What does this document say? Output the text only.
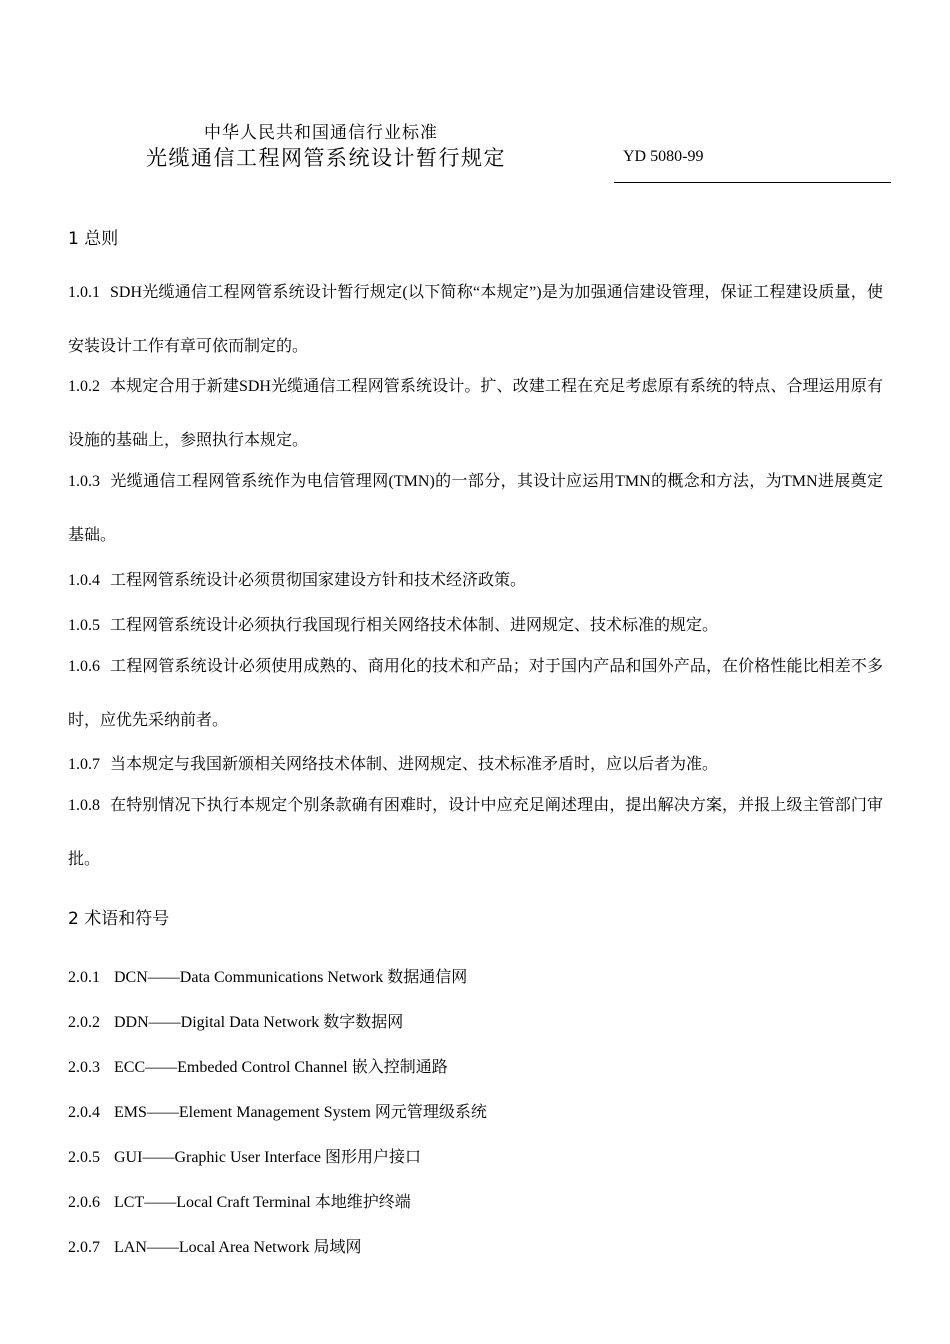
中华人民共和国通信行业标准
光缆通信工程网管系统设计暂行规定	YD 5080-99
1 总则
1.0.1 SDH光缆通信工程网管系统设计暂行规定(以下简称“本规定”)是为加强通信建设管理，保证工程建设质量，使安装设计工作有章可依而制定的。
1.0.2 本规定合用于新建SDH光缆通信工程网管系统设计。扩、改建工程在充足考虑原有系统的特点、合理运用原有设施的基础上，参照执行本规定。
1.0.3 光缆通信工程网管系统作为电信管理网(TMN)的一部分，其设计应运用TMN的概念和方法，为TMN进展奠定基础。
1.0.4 工程网管系统设计必须贯彻国家建设方针和技术经济政策。
1.0.5 工程网管系统设计必须执行我国现行相关网络技术体制、进网规定、技术标准的规定。
1.0.6 工程网管系统设计必须使用成熟的、商用化的技术和产品；对于国内产品和国外产品，在价格性能比相差不多时，应优先采纳前者。
1.0.7 当本规定与我国新颁相关网络技术体制、进网规定、技术标准矛盾时，应以后者为准。
1.0.8 在特别情况下执行本规定个别条款确有困难时，设计中应充足阐述理由，提出解决方案，并报上级主管部门审批。
2 术语和符号
2.0.1 DCN——Data Communications Network 数据通信网
2.0.2 DDN——Digital Data Network 数字数据网
2.0.3 ECC——Embeded Control Channel 嵌入控制通路
2.0.4 EMS——Element Management System 网元管理级系统
2.0.5 GUI——Graphic User Interface 图形用户接口
2.0.6 LCT——Local Craft Terminal 本地维护终端
2.0.7 LAN——Local Area Network 局域网
